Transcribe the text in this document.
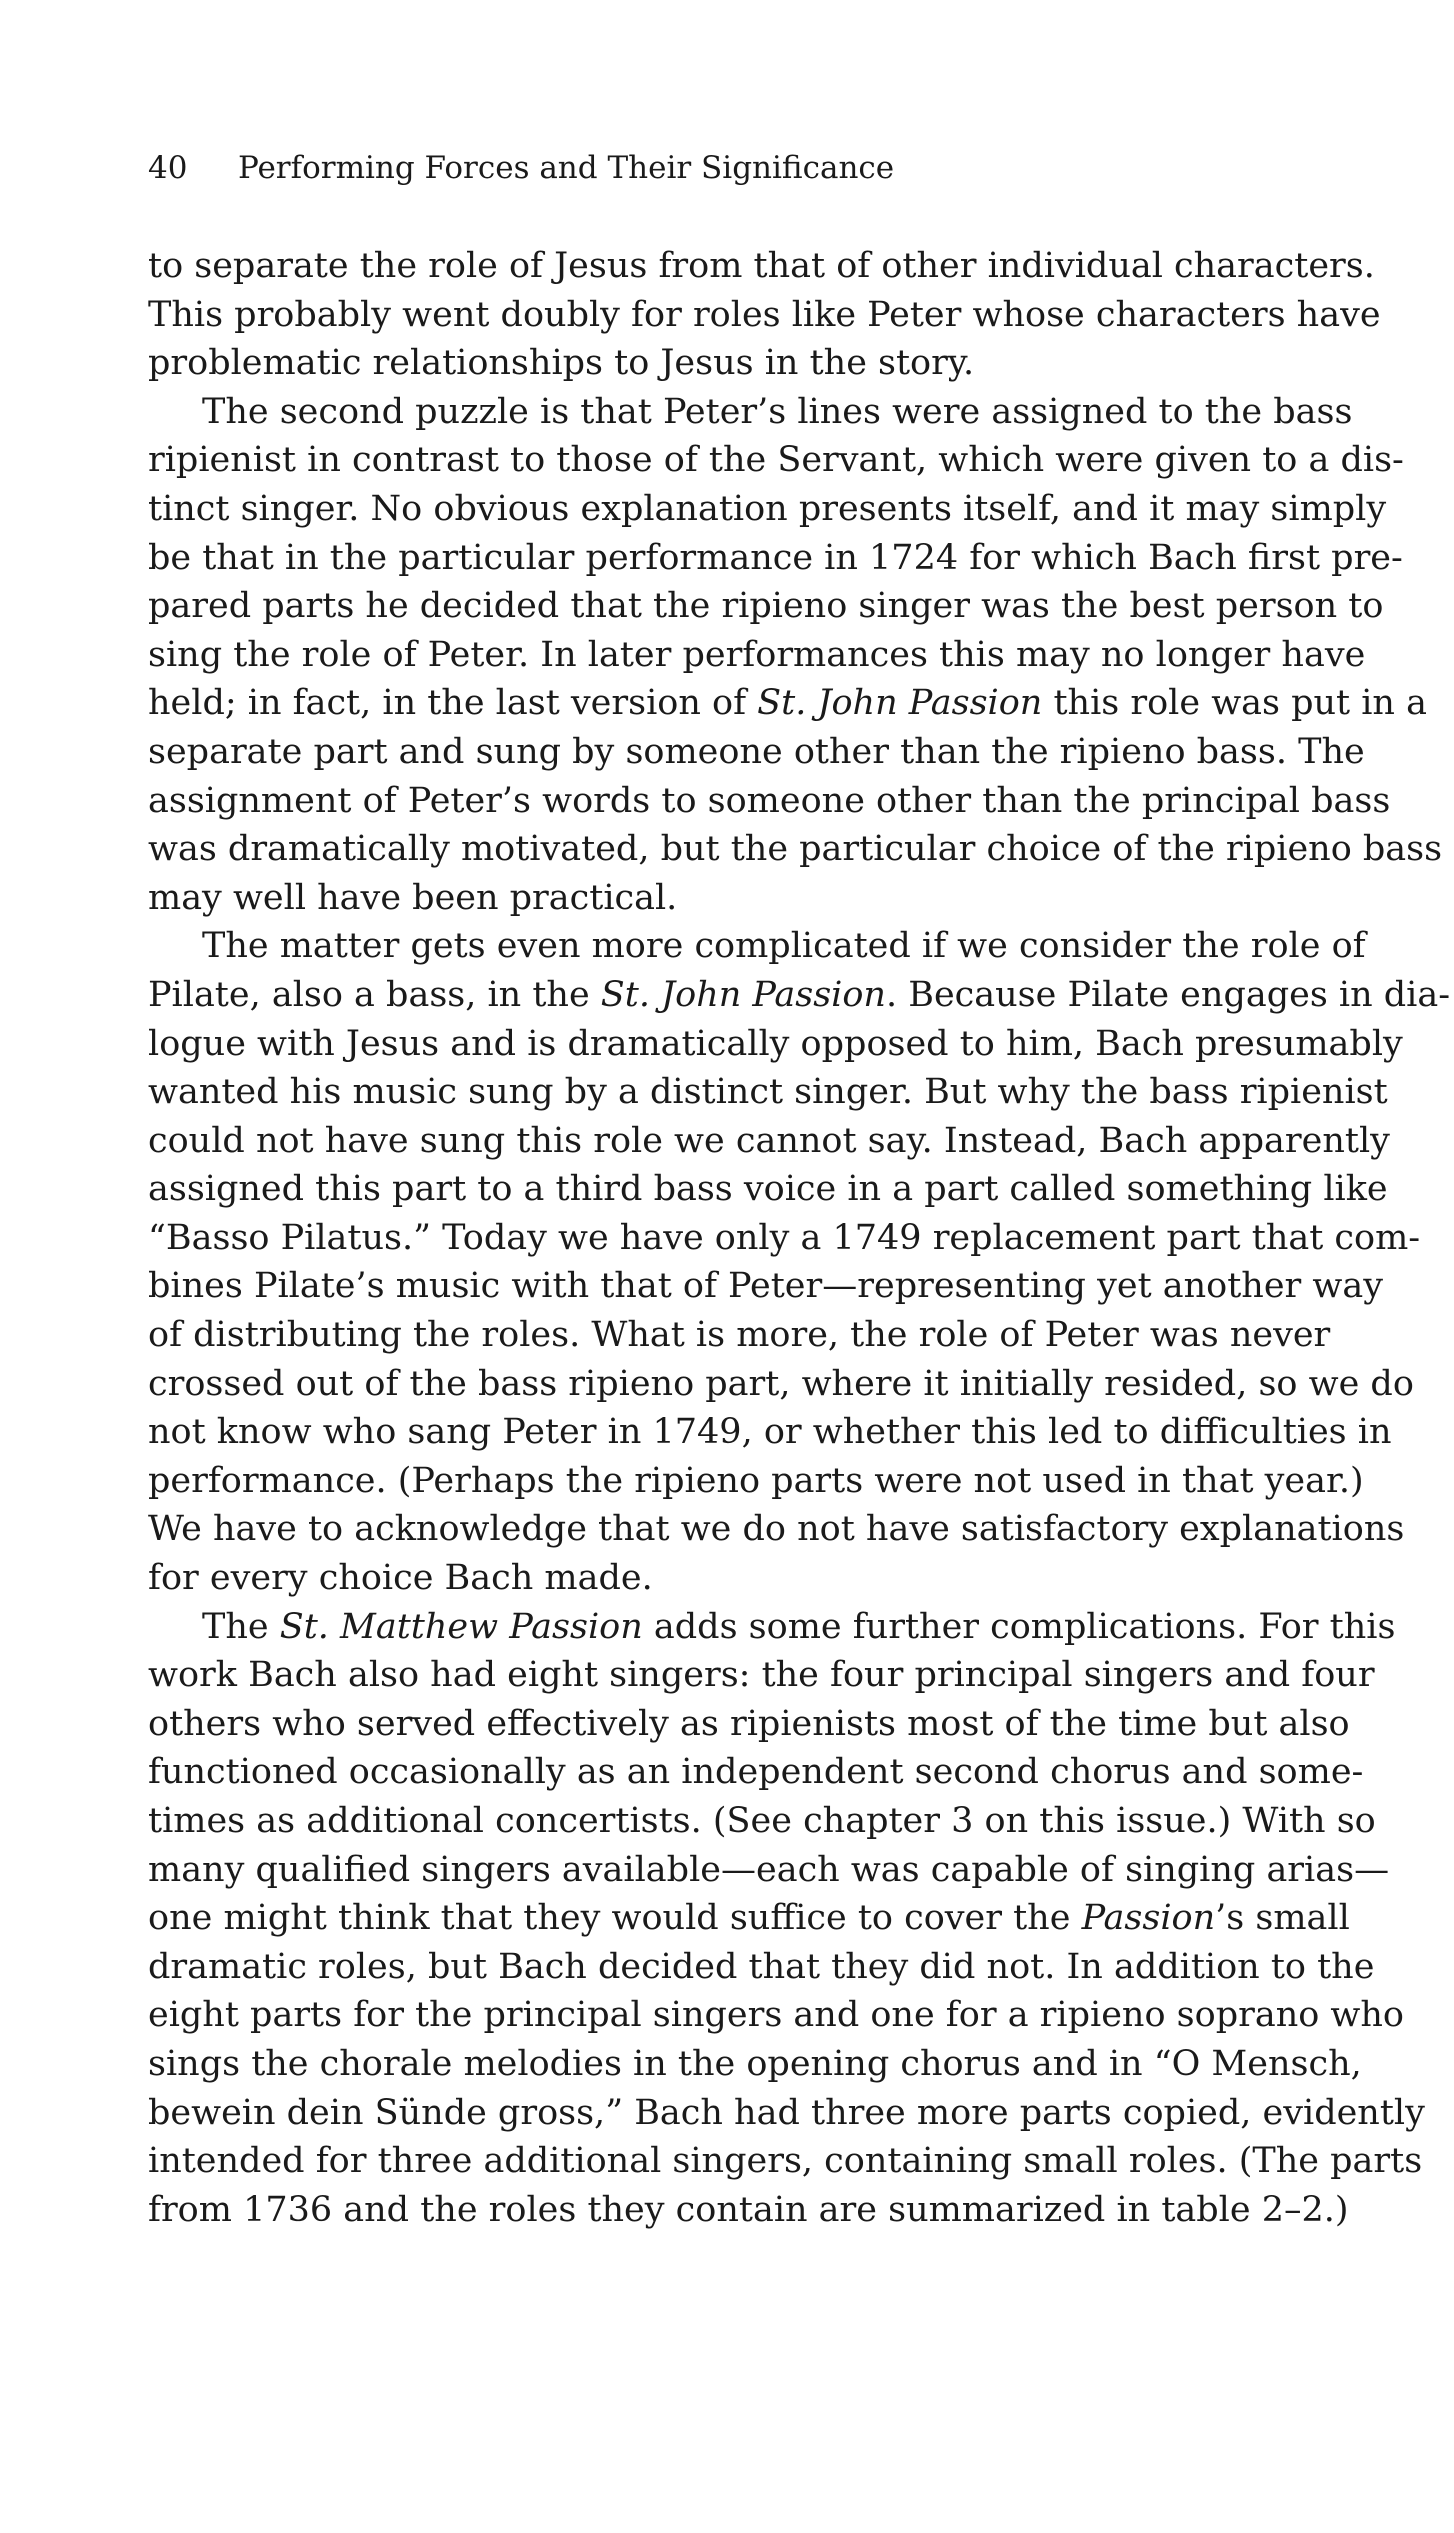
40 Performing Forces and Their Significance
to separate the role of Jesus from that of other individual characters.
This probably went doubly for roles like Peter whose characters have
problematic relationships to Jesus in the story.
The second puzzle is that Peter’s lines were assigned to the bass
ripienist in contrast to those of the Servant, which were given to a dis-
tinct singer. No obvious explanation presents itself, and it may simply
be that in the particular performance in 1724 for which Bach first pre-
pared parts he decided that the ripieno singer was the best person to
sing the role of Peter. In later performances this may no longer have
held; in fact, in the last version of St. John Passion this role was put in a
separate part and sung by someone other than the ripieno bass. The
assignment of Peter’s words to someone other than the principal bass
was dramatically motivated, but the particular choice of the ripieno bass
may well have been practical.
The matter gets even more complicated if we consider the role of
Pilate, also a bass, in the St. John Passion. Because Pilate engages in dia-
logue with Jesus and is dramatically opposed to him, Bach presumably
wanted his music sung by a distinct singer. But why the bass ripienist
could not have sung this role we cannot say. Instead, Bach apparently
assigned this part to a third bass voice in a part called something like
“Basso Pilatus.” Today we have only a 1749 replacement part that com-
bines Pilate’s music with that of Peter—representing yet another way
of distributing the roles. What is more, the role of Peter was never
crossed out of the bass ripieno part, where it initially resided, so we do
not know who sang Peter in 1749, or whether this led to difficulties in
performance. (Perhaps the ripieno parts were not used in that year.)
We have to acknowledge that we do not have satisfactory explanations
for every choice Bach made.
The St. Matthew Passion adds some further complications. For this
work Bach also had eight singers: the four principal singers and four
others who served effectively as ripienists most of the time but also
functioned occasionally as an independent second chorus and some-
times as additional concertists. (See chapter 3 on this issue.) With so
many qualified singers available—each was capable of singing arias—
one might think that they would suffice to cover the Passion’s small
dramatic roles, but Bach decided that they did not. In addition to the
eight parts for the principal singers and one for a ripieno soprano who
sings the chorale melodies in the opening chorus and in “O Mensch,
bewein dein Sünde gross,” Bach had three more parts copied, evidently
intended for three additional singers, containing small roles. (The parts
from 1736 and the roles they contain are summarized in table 2–2.)
